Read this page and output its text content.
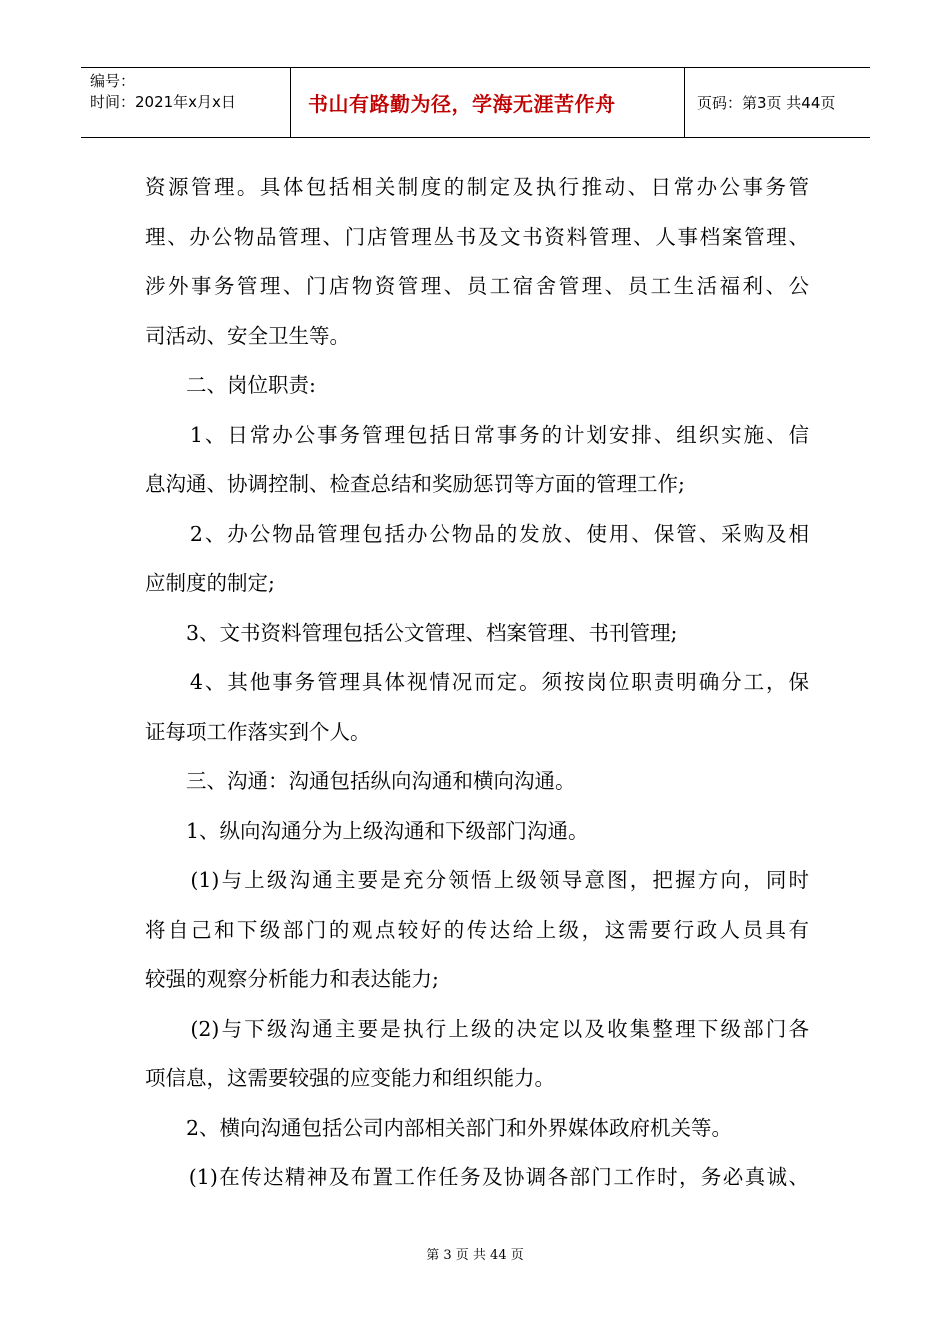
编号：
时间：2021年x月x日	书山有路勤为径，学海无涯苦作舟	页码：第3页 共44页
资源管理。具体包括相关制度的制定及执行推动、日常办公事务管
理、办公物品管理、门店管理丛书及文书资料管理、人事档案管理、
涉外事务管理、门店物资管理、员工宿舍管理、员工生活福利、公
司活动、安全卫生等。
　　二、岗位职责:
　　1、日常办公事务管理包括日常事务的计划安排、组织实施、信
息沟通、协调控制、检查总结和奖励惩罚等方面的管理工作;
　　2、办公物品管理包括办公物品的发放、使用、保管、采购及相
应制度的制定;
　　3、文书资料管理包括公文管理、档案管理、书刊管理;
　　4、其他事务管理具体视情况而定。须按岗位职责明确分工，保
证每项工作落实到个人。
　　三、沟通：沟通包括纵向沟通和横向沟通。
　　1、纵向沟通分为上级沟通和下级部门沟通。
　　(1)与上级沟通主要是充分领悟上级领导意图，把握方向，同时
将自己和下级部门的观点较好的传达给上级，这需要行政人员具有
较强的观察分析能力和表达能力;
　　(2)与下级沟通主要是执行上级的决定以及收集整理下级部门各
项信息，这需要较强的应变能力和组织能力。
　　2、横向沟通包括公司内部相关部门和外界媒体政府机关等。
　　(1)在传达精神及布置工作任务及协调各部门工作时，务必真诚、
第 3 页 共 44 页
